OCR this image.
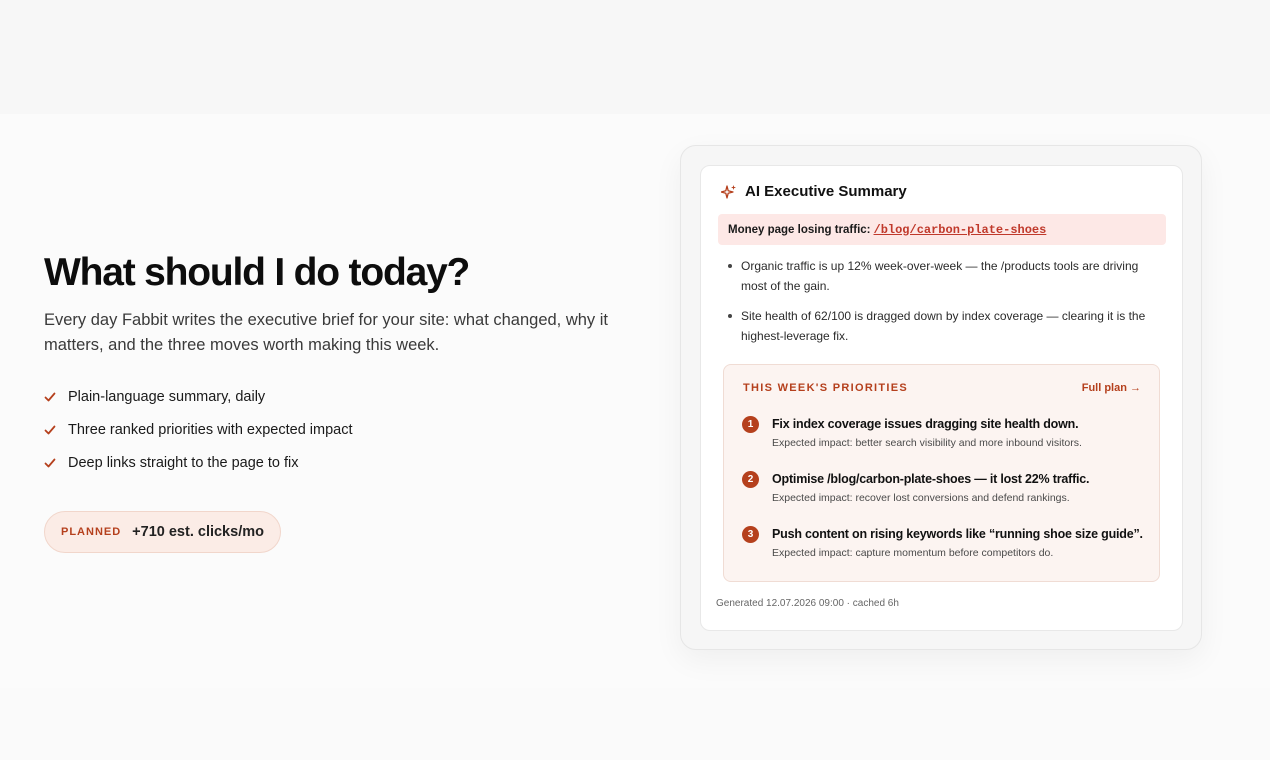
What should I do today?

Every day Fabbit writes the executive brief for your site: what changed, why it matters, and the three moves worth making this week.

Plain-language summary, daily
Three ranked priorities with expected impact
Deep links straight to the page to fix
PLANNED +710 est. clicks/mo
AI Executive Summary
Money page losing traffic: /blog/carbon-plate-shoes
Organic traffic is up 12% week-over-week — the /products tools are driving most of the gain.
Site health of 62/100 is dragged down by index coverage — clearing it is the highest-leverage fix.
THIS WEEK'S PRIORITIES	Full plan →
1	Fix index coverage issues dragging site health down.
Expected impact: better search visibility and more inbound visitors.
2	Optimise /blog/carbon-plate-shoes — it lost 22% traffic.
Expected impact: recover lost conversions and defend rankings.
3	Push content on rising keywords like “running shoe size guide”.
Expected impact: capture momentum before competitors do.
Generated 12.07.2026 09:00 · cached 6h
